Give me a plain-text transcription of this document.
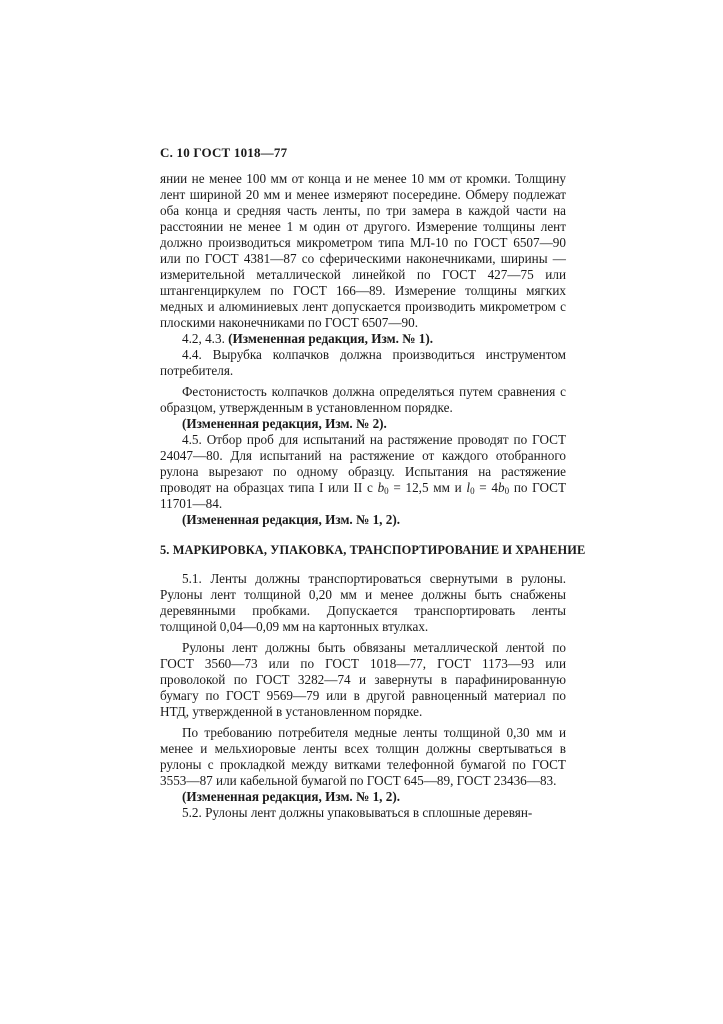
С. 10 ГОСТ 1018—77

янии не менее 100 мм от конца и не менее 10 мм от кромки. Толщину лент шириной 20 мм и менее измеряют посередине. Обмеру подлежат оба конца и средняя часть ленты, по три замера в каждой части на расстоянии не менее 1 м один от другого. Измерение толщины лент должно производиться микрометром типа МЛ-10 по ГОСТ 6507—90 или по ГОСТ 4381—87 со сферическими наконечниками, ширины — измерительной металлической линейкой по ГОСТ 427—75 или штангенциркулем по ГОСТ 166—89. Измерение толщины мягких медных и алюминиевых лент допускается производить микрометром с плоскими наконечниками по ГОСТ 6507—90.

4.2, 4.3. (Измененная редакция, Изм. № 1).

4.4. Вырубка колпачков должна производиться инструментом потребителя.

Фестонистость колпачков должна определяться путем сравнения с образцом, утвержденным в установленном порядке.

(Измененная редакция, Изм. № 2).

4.5. Отбор проб для испытаний на растяжение проводят по ГОСТ 24047—80. Для испытаний на растяжение от каждого отобранного рулона вырезают по одному образцу. Испытания на растяжение проводят на образцах типа I или II с $b_0 = 12,5$ мм и $l_0 = 4b_0$ по ГОСТ 11701—84.

(Измененная редакция, Изм. № 1, 2).

5. МАРКИРОВКА, УПАКОВКА, ТРАНСПОРТИРОВАНИЕ И ХРАНЕНИЕ

5.1. Ленты должны транспортироваться свернутыми в рулоны. Рулоны лент толщиной 0,20 мм и менее должны быть снабжены деревянными пробками. Допускается транспортировать ленты толщиной 0,04—0,09 мм на картонных втулках.

Рулоны лент должны быть обвязаны металлической лентой по ГОСТ 3560—73 или по ГОСТ 1018—77, ГОСТ 1173—93 или проволокой по ГОСТ 3282—74 и завернуты в парафинированную бумагу по ГОСТ 9569—79 или в другой равноценный материал по НТД, утвержденной в установленном порядке.

По требованию потребителя медные ленты толщиной 0,30 мм и менее и мельхиоровые ленты всех толщин должны свертываться в рулоны с прокладкой между витками телефонной бумагой по ГОСТ 3553—87 или кабельной бумагой по ГОСТ 645—89, ГОСТ 23436—83.

(Измененная редакция, Изм. № 1, 2).

5.2. Рулоны лент должны упаковываться в сплошные деревян-
